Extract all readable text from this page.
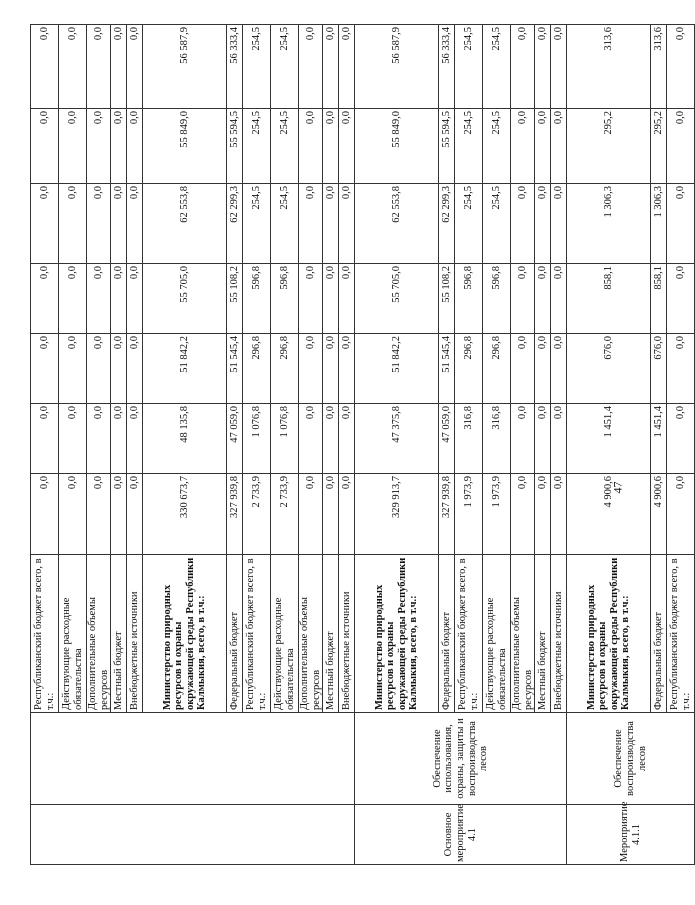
		Республиканский бюджет всего, в т.ч.:	0,0	0,0	0,0	0,0	0,0	0,0	0,0
		Действующие расходные обязательства	0,0	0,0	0,0	0,0	0,0	0,0	0,0
		Дополнительные объемы ресурсов	0,0	0,0	0,0	0,0	0,0	0,0	0,0
		Местный бюджет	0,0	0,0	0,0	0,0	0,0	0,0	0,0
		Внебюджетные источники	0,0	0,0	0,0	0,0	0,0	0,0	0,0
		Министерство природных ресурсов и охраны окружающей среды Республики Калмыкия, всего, в т.ч.:	330 673,7	48 135,8	51 842,2	55 705,0	62 553,8	55 849,0	56 587,9
		Федеральный бюджет	327 939,8	47 059,0	51 545,4	55 108,2	62 299,3	55 594,5	56 333,4
		Республиканский бюджет всего, в т.ч.:	2 733,9	1 076,8	296,8	596,8	254,5	254,5	254,5
		Действующие расходные обязательства	2 733,9	1 076,8	296,8	596,8	254,5	254,5	254,5
		Дополнительные объемы ресурсов	0,0	0,0	0,0	0,0	0,0	0,0	0,0
		Местный бюджет	0,0	0,0	0,0	0,0	0,0	0,0	0,0
		Внебюджетные источники	0,0	0,0	0,0	0,0	0,0	0,0	0,0
Основное мероприятие 4.1	Обеспечение использования, охраны, защиты и воспроизводства лесов	Министерство природных ресурсов и охраны окружающей среды Республики Калмыкия, всего, в т.ч.:	329 913,7	47 375,8	51 842,2	55 705,0	62 553,8	55 849,0	56 587,9
		Федеральный бюджет	327 939,8	47 059,0	51 545,4	55 108,2	62 299,3	55 594,5	56 333,4
		Республиканский бюджет всего, в т.ч.:	1 973,9	316,8	296,8	596,8	254,5	254,5	254,5
		Действующие расходные обязательства	1 973,9	316,8	296,8	596,8	254,5	254,5	254,5
		Дополнительные объемы ресурсов	0,0	0,0	0,0	0,0	0,0	0,0	0,0
		Местный бюджет	0,0	0,0	0,0	0,0	0,0	0,0	0,0
		Внебюджетные источники	0,0	0,0	0,0	0,0	0,0	0,0	0,0
Мероприятие 4.1.1	Обеспечение воспроизводства лесов	Министерство природных ресурсов и охраны окружающей среды Республики Калмыкия, всего, в т.ч.:	4 900,6	1 451,4	676,0	858,1	1 306,3	295,2	313,6
		Федеральный бюджет	4 900,6	1 451,4	676,0	858,1	1 306,3	295,2	313,6
		Республиканский бюджет всего, в т.ч.:	0,0	0,0	0,0	0,0	0,0	0,0	0,0
47
